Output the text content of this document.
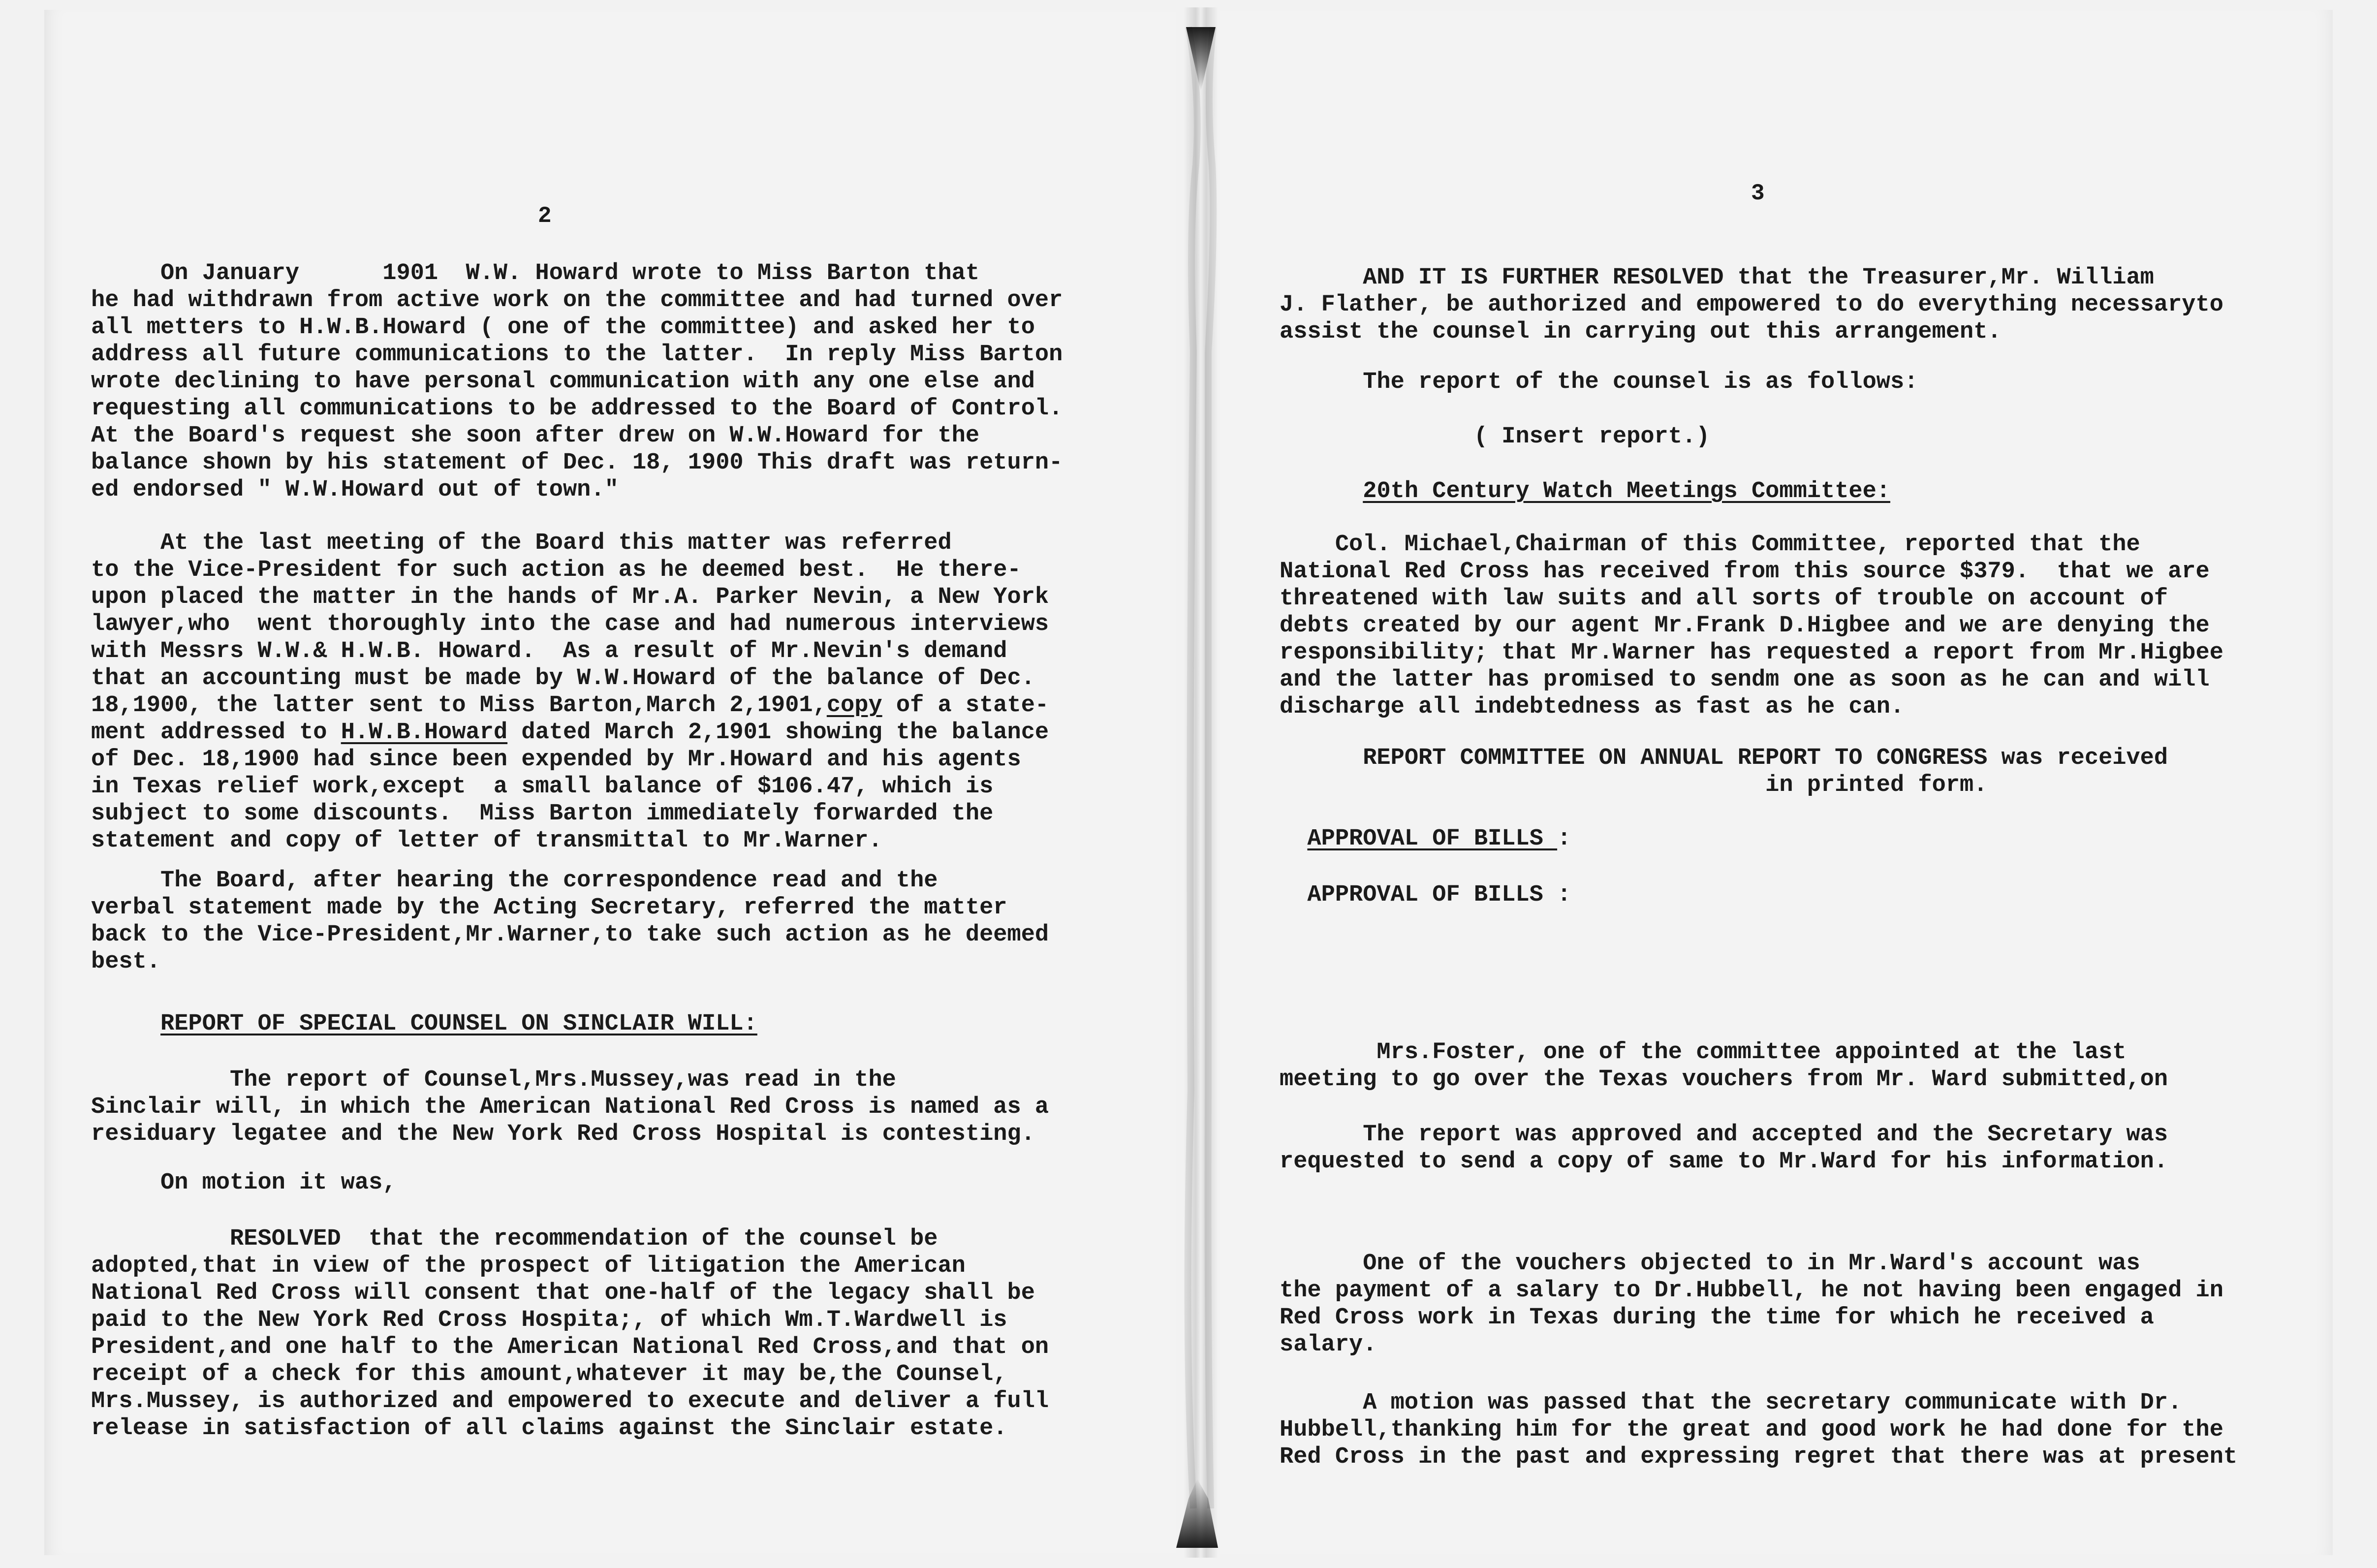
2
On January      1901  W.W. Howard wrote to Miss Barton that
he had withdrawn from active work on the committee and had turned over
all metters to H.W.B.Howard ( one of the committee) and asked her to
address all future communications to the latter.  In reply Miss Barton
wrote declining to have personal communication with any one else and
requesting all communications to be addressed to the Board of Control.
At the Board's request she soon after drew on W.W.Howard for the
balance shown by his statement of Dec. 18, 1900 This draft was return-
ed endorsed " W.W.Howard out of town."
At the last meeting of the Board this matter was referred
to the Vice-President for such action as he deemed best.  He there-
upon placed the matter in the hands of Mr.A. Parker Nevin, a New York
lawyer,who  went thoroughly into the case and had numerous interviews
with Messrs W.W.& H.W.B. Howard.  As a result of Mr.Nevin's demand
that an accounting must be made by W.W.Howard of the balance of Dec.
18,1900, the latter sent to Miss Barton,March 2,1901,copy of a state-
ment addressed to H.W.B.Howard dated March 2,1901 showing the balance
of Dec. 18,1900 had since been expended by Mr.Howard and his agents
in Texas relief work,except  a small balance of $106.47, which is
subject to some discounts.  Miss Barton immediately forwarded the
statement and copy of letter of transmittal to Mr.Warner.
The Board, after hearing the correspondence read and the
verbal statement made by the Acting Secretary, referred the matter
back to the Vice-President,Mr.Warner,to take such action as he deemed
best.
REPORT OF SPECIAL COUNSEL ON SINCLAIR WILL:
The report of Counsel,Mrs.Mussey,was read in the
Sinclair will, in which the American National Red Cross is named as a
residuary legatee and the New York Red Cross Hospital is contesting.
On motion it was,
RESOLVED  that the recommendation of the counsel be
adopted,that in view of the prospect of litigation the American
National Red Cross will consent that one-half of the legacy shall be
paid to the New York Red Cross Hospita;, of which Wm.T.Wardwell is
President,and one half to the American National Red Cross,and that on
receipt of a check for this amount,whatever it may be,the Counsel,
Mrs.Mussey, is authorized and empowered to execute and deliver a full
release in satisfaction of all claims against the Sinclair estate.
3
AND IT IS FURTHER RESOLVED that the Treasurer,Mr. William
J. Flather, be authorized and empowered to do everything necessaryto
assist the counsel in carrying out this arrangement.
The report of the counsel is as follows:
( Insert report.)
20th Century Watch Meetings Committee:
Col. Michael,Chairman of this Committee, reported that the
National Red Cross has received from this source $379.  that we are
threatened with law suits and all sorts of trouble on account of
debts created by our agent Mr.Frank D.Higbee and we are denying the
responsibility; that Mr.Warner has requested a report from Mr.Higbee
and the latter has promised to sendm one as soon as he can and will
discharge all indebtedness as fast as he can.
REPORT COMMITTEE ON ANNUAL REPORT TO CONGRESS was received
in printed form.
APPROVAL OF BILLS :
APPROVAL OF BILLS :
Mrs.Foster, one of the committee appointed at the last
meeting to go over the Texas vouchers from Mr. Ward submitted,on
The report was approved and accepted and the Secretary was
requested to send a copy of same to Mr.Ward for his information.
One of the vouchers objected to in Mr.Ward's account was
the payment of a salary to Dr.Hubbell, he not having been engaged in
Red Cross work in Texas during the time for which he received a
salary.
A motion was passed that the secretary communicate with Dr.
Hubbell,thanking him for the great and good work he had done for the
Red Cross in the past and expressing regret that there was at present
